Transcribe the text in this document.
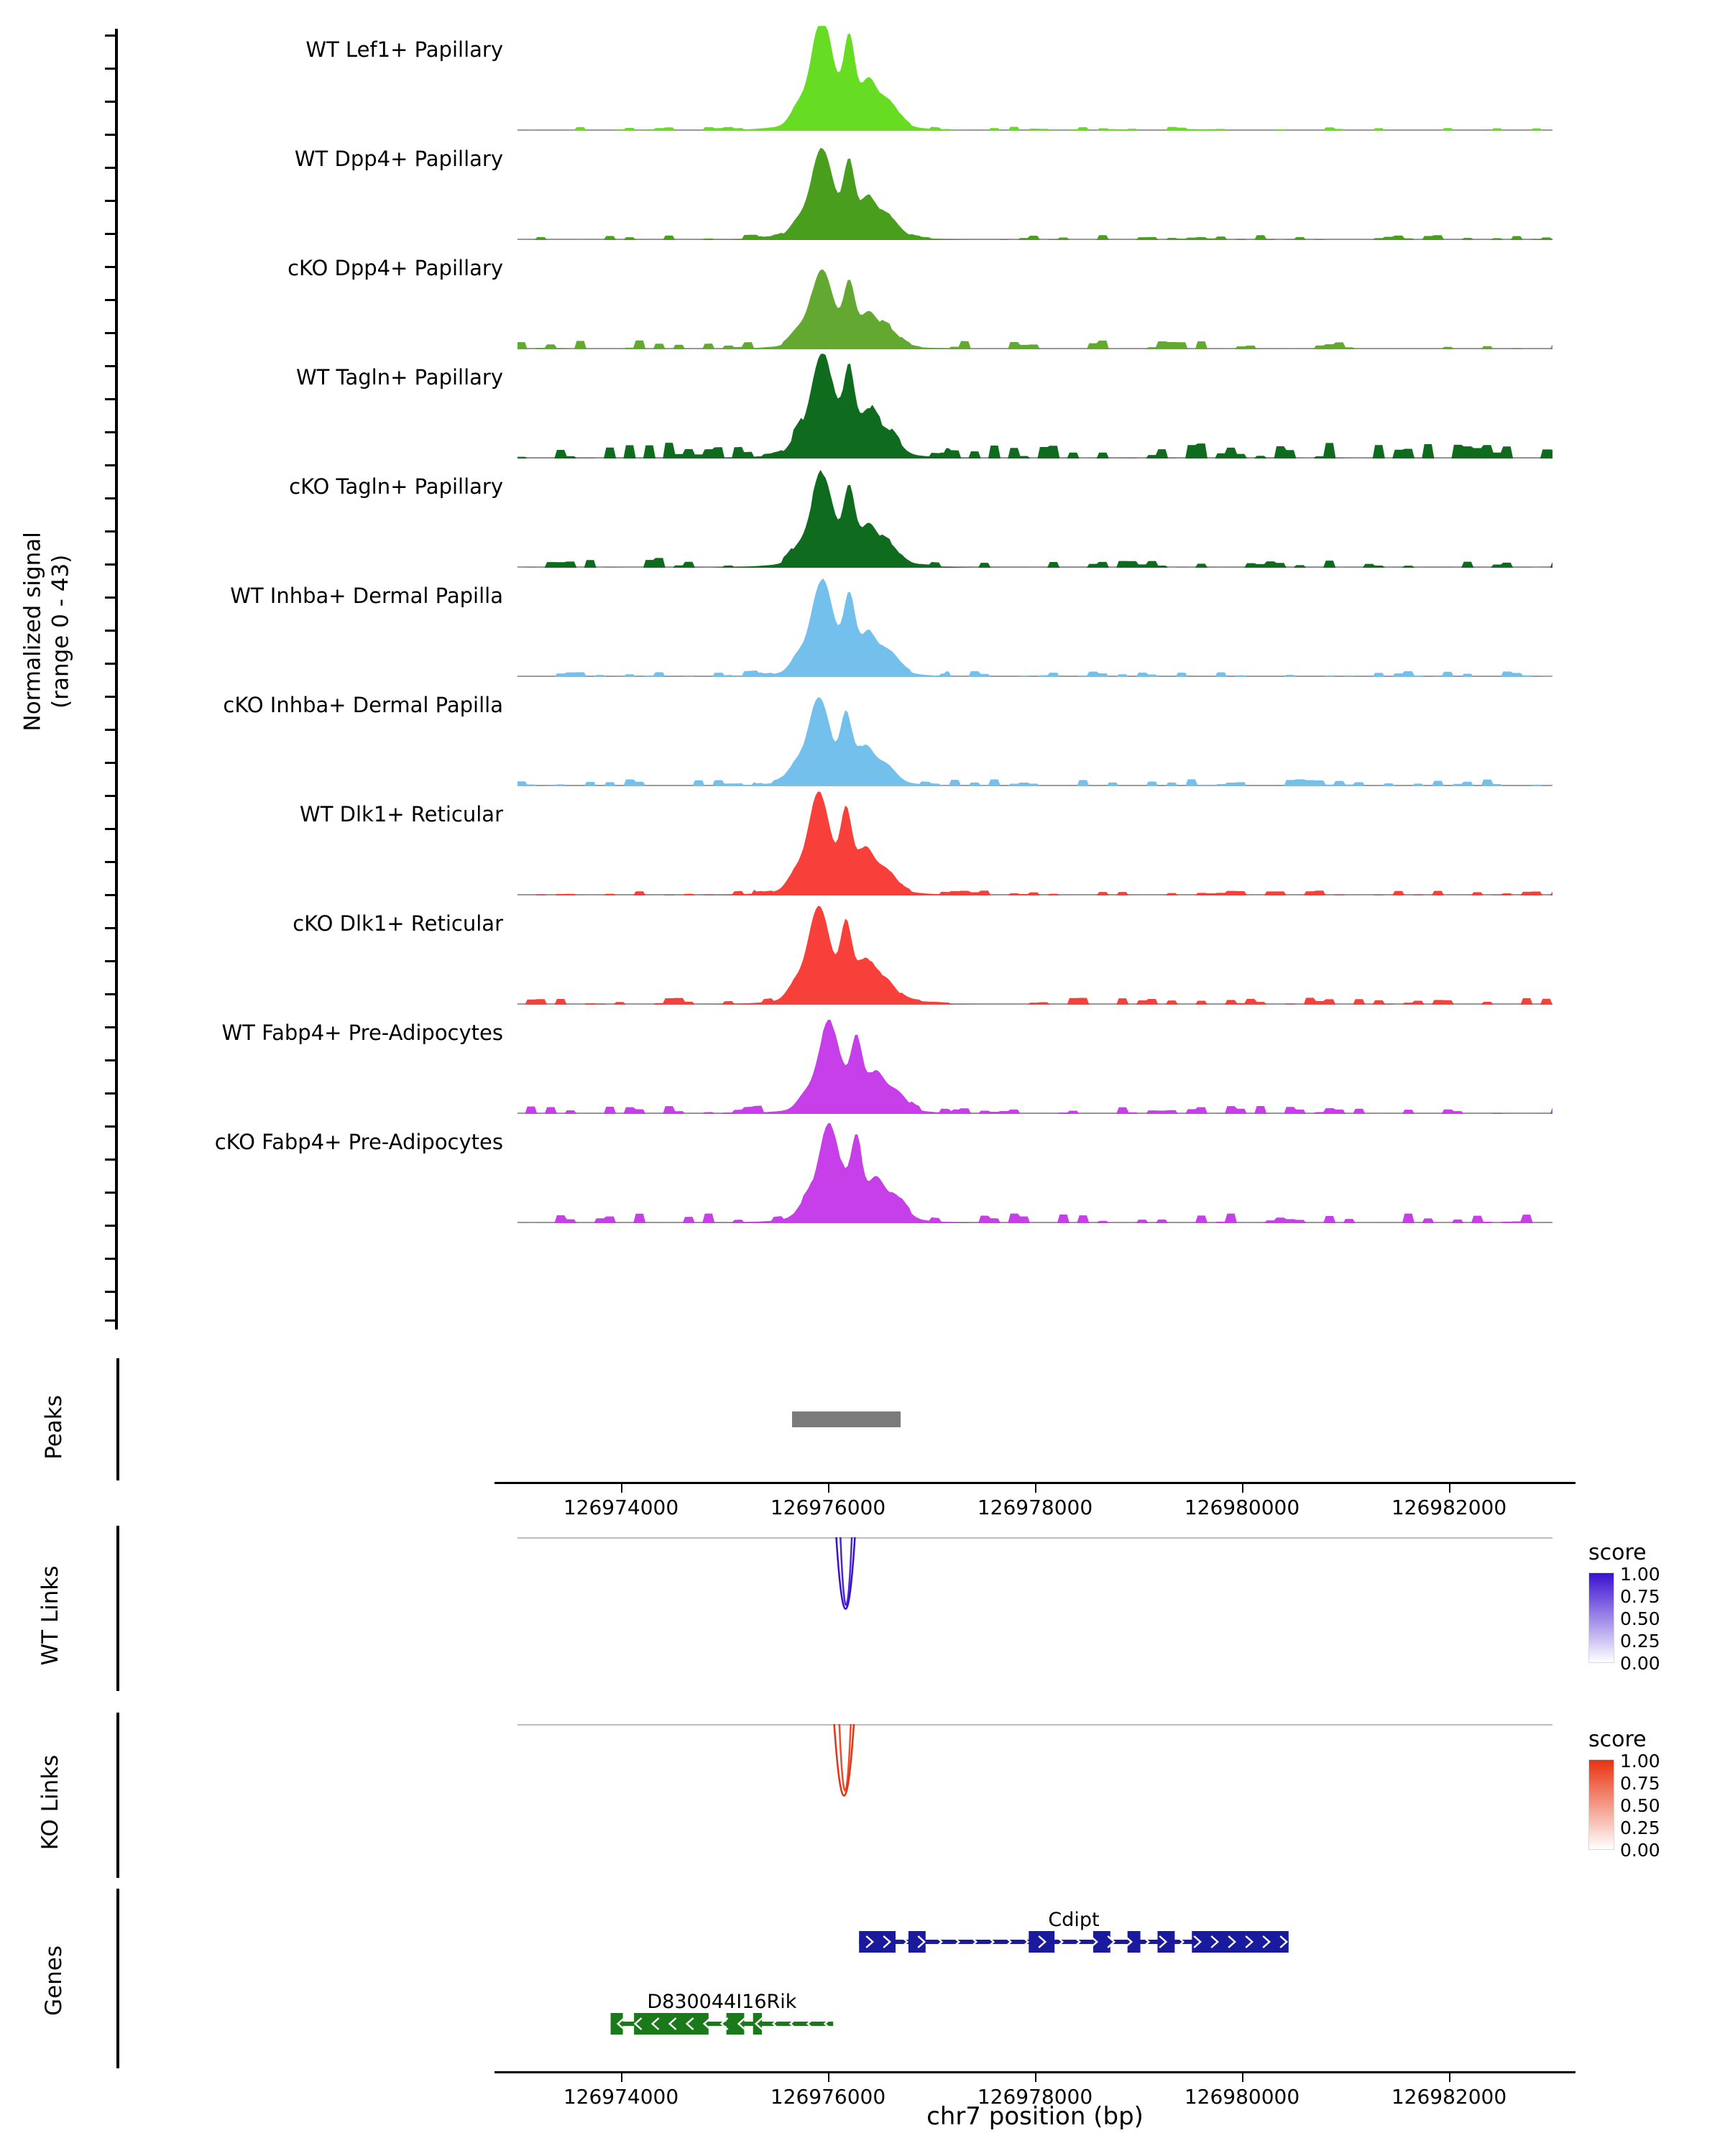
Normalized signal (range 0 - 43)
WT Lef1+ Papillary
WT Dpp4+ Papillary
cKO Dpp4+ Papillary
WT Tagln+ Papillary
cKO Tagln+ Papillary
WT Inhba+ Dermal Papilla
cKO Inhba+ Dermal Papilla
WT Dlk1+ Reticular
cKO Dlk1+ Reticular
WT Fabp4+ Pre-Adipocytes
cKO Fabp4+ Pre-Adipocytes
Peaks
126974000	126976000	126978000	126980000	126982000
WT Links
score
1.00
0.75
0.50
0.25
0.00
KO Links
score
1.00
0.75
0.50
0.25
0.00
Genes
Cdipt
D830044I16Rik
126974000	126976000	126978000	126980000	126982000
chr7 position (bp)
